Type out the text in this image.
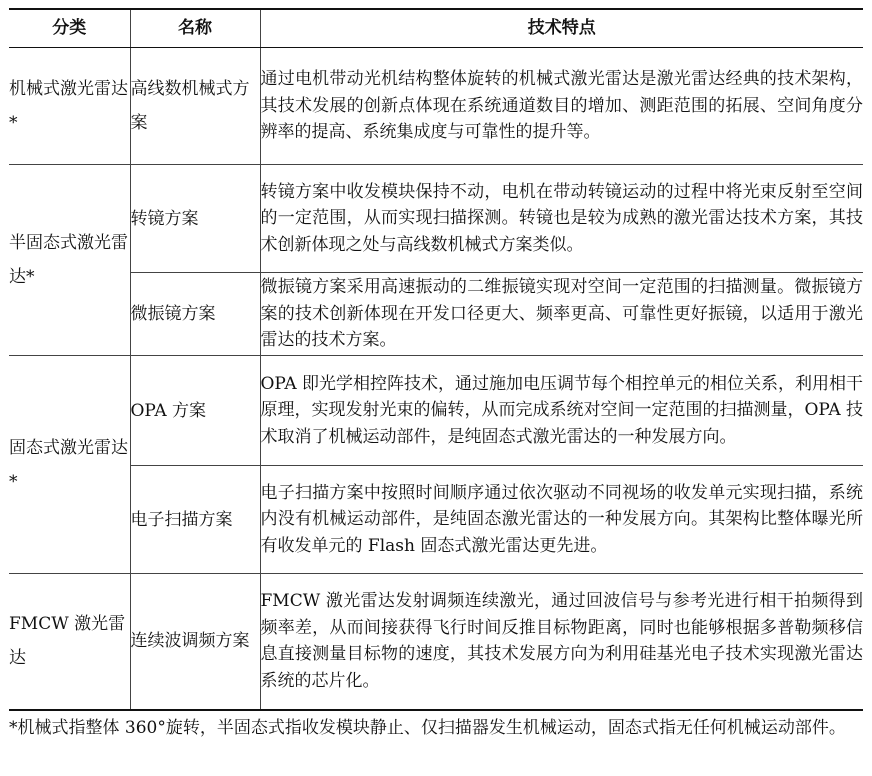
分类	名称	技术特点

机械式激光雷达*	高线数机械式方案	通过电机带动光机结构整体旋转的机械式激光雷达是激光雷达经典的技术架构，其技术发展的创新点体现在系统通道数目的增加、测距范围的拓展、空间角度分辨率的提高、系统集成度与可靠性的提升等。

半固态式激光雷达*	转镜方案	转镜方案中收发模块保持不动，电机在带动转镜运动的过程中将光束反射至空间的一定范围，从而实现扫描探测。转镜也是较为成熟的激光雷达技术方案，其技术创新体现之处与高线数机械式方案类似。

	微振镜方案	微振镜方案采用高速振动的二维振镜实现对空间一定范围的扫描测量。微振镜方案的技术创新体现在开发口径更大、频率更高、可靠性更好振镜，以适用于激光雷达的技术方案。

固态式激光雷达*	OPA 方案	OPA 即光学相控阵技术，通过施加电压调节每个相控单元的相位关系，利用相干原理，实现发射光束的偏转，从而完成系统对空间一定范围的扫描测量，OPA 技术取消了机械运动部件，是纯固态式激光雷达的一种发展方向。

	电子扫描方案	电子扫描方案中按照时间顺序通过依次驱动不同视场的收发单元实现扫描，系统内没有机械运动部件，是纯固态激光雷达的一种发展方向。其架构比整体曝光所有收发单元的 Flash 固态式激光雷达更先进。

FMCW 激光雷达	连续波调频方案	FMCW 激光雷达发射调频连续激光，通过回波信号与参考光进行相干拍频得到频率差，从而间接获得飞行时间反推目标物距离，同时也能够根据多普勒频移信息直接测量目标物的速度，其技术发展方向为利用硅基光电子技术实现激光雷达系统的芯片化。
*机械式指整体 360°旋转，半固态式指收发模块静止、仅扫描器发生机械运动，固态式指无任何机械运动部件。
